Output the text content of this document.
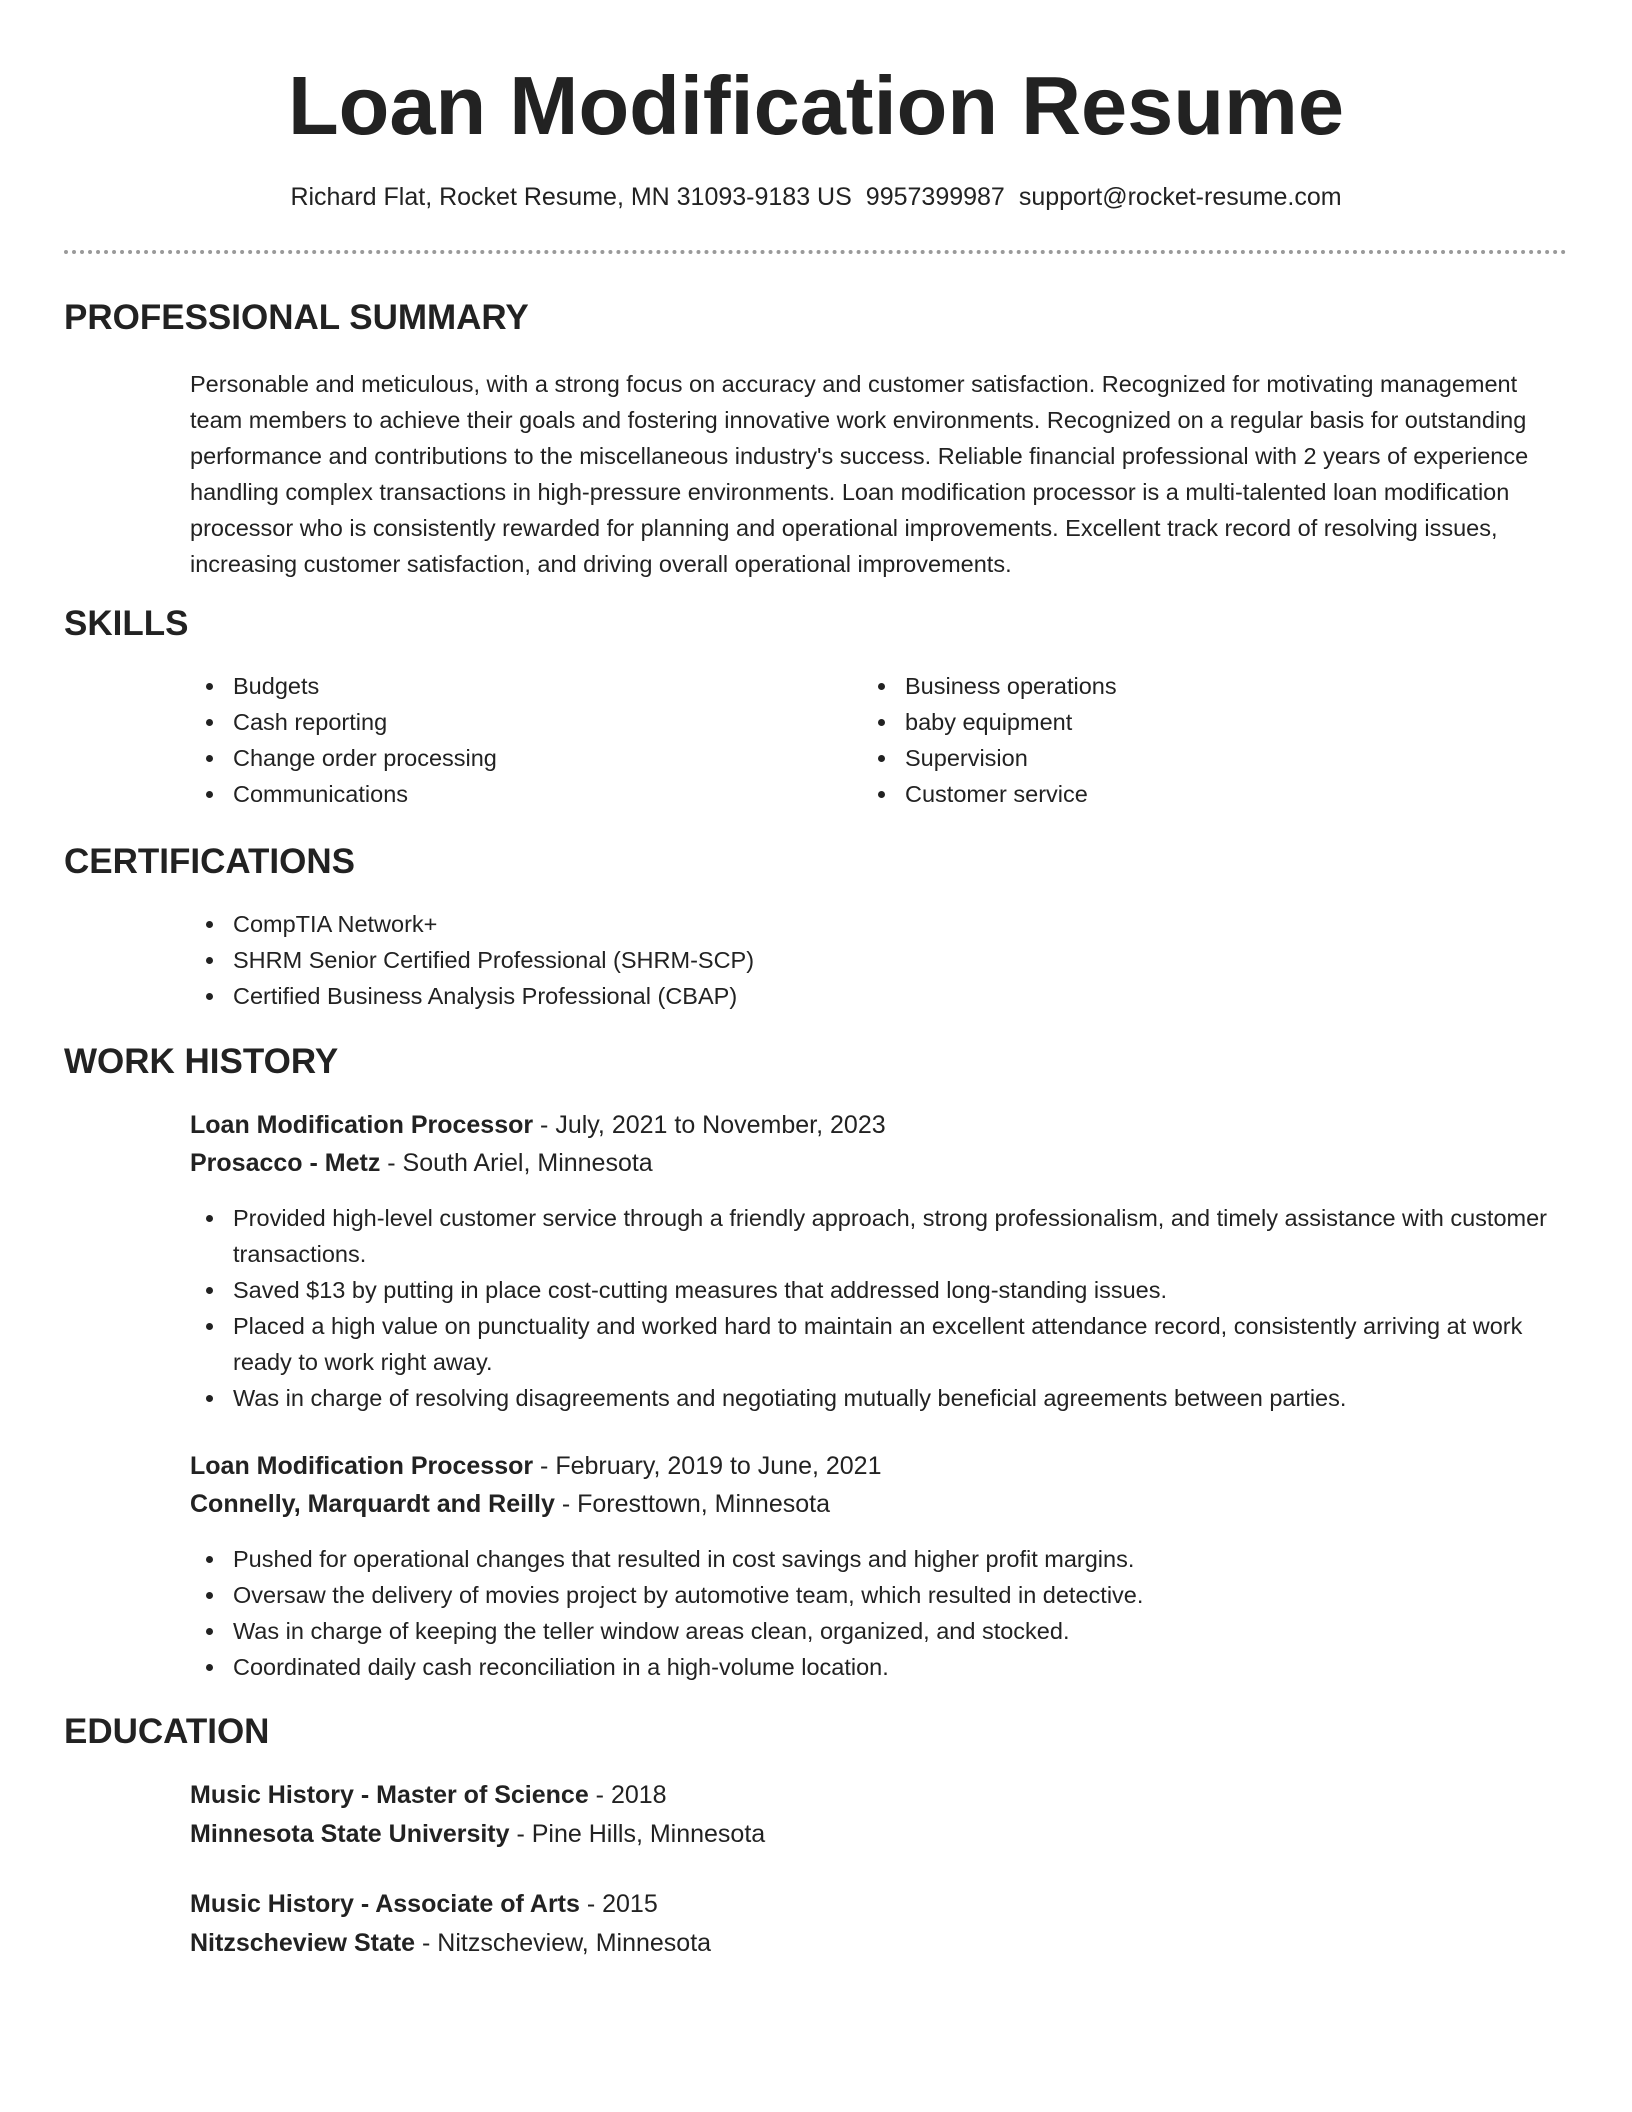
Loan Modification Resume
Richard Flat, Rocket Resume, MN 31093-9183 US 9957399987 support@rocket-resume.com
PROFESSIONAL SUMMARY
Personable and meticulous, with a strong focus on accuracy and customer satisfaction. Recognized for motivating management team members to achieve their goals and fostering innovative work environments. Recognized on a regular basis for outstanding performance and contributions to the miscellaneous industry's success. Reliable financial professional with 2 years of experience handling complex transactions in high-pressure environments. Loan modification processor is a multi-talented loan modification processor who is consistently rewarded for planning and operational improvements. Excellent track record of resolving issues, increasing customer satisfaction, and driving overall operational improvements.
SKILLS
Budgets
Cash reporting
Change order processing
Communications
Business operations
baby equipment
Supervision
Customer service
CERTIFICATIONS
CompTIA Network+
SHRM Senior Certified Professional (SHRM-SCP)
Certified Business Analysis Professional (CBAP)
WORK HISTORY
Loan Modification Processor - July, 2021 to November, 2023
Prosacco - Metz - South Ariel, Minnesota
Provided high-level customer service through a friendly approach, strong professionalism, and timely assistance with customer transactions.
Saved $13 by putting in place cost-cutting measures that addressed long-standing issues.
Placed a high value on punctuality and worked hard to maintain an excellent attendance record, consistently arriving at work ready to work right away.
Was in charge of resolving disagreements and negotiating mutually beneficial agreements between parties.
Loan Modification Processor - February, 2019 to June, 2021
Connelly, Marquardt and Reilly - Foresttown, Minnesota
Pushed for operational changes that resulted in cost savings and higher profit margins.
Oversaw the delivery of movies project by automotive team, which resulted in detective.
Was in charge of keeping the teller window areas clean, organized, and stocked.
Coordinated daily cash reconciliation in a high-volume location.
EDUCATION
Music History - Master of Science - 2018
Minnesota State University - Pine Hills, Minnesota
Music History - Associate of Arts - 2015
Nitzscheview State - Nitzscheview, Minnesota
